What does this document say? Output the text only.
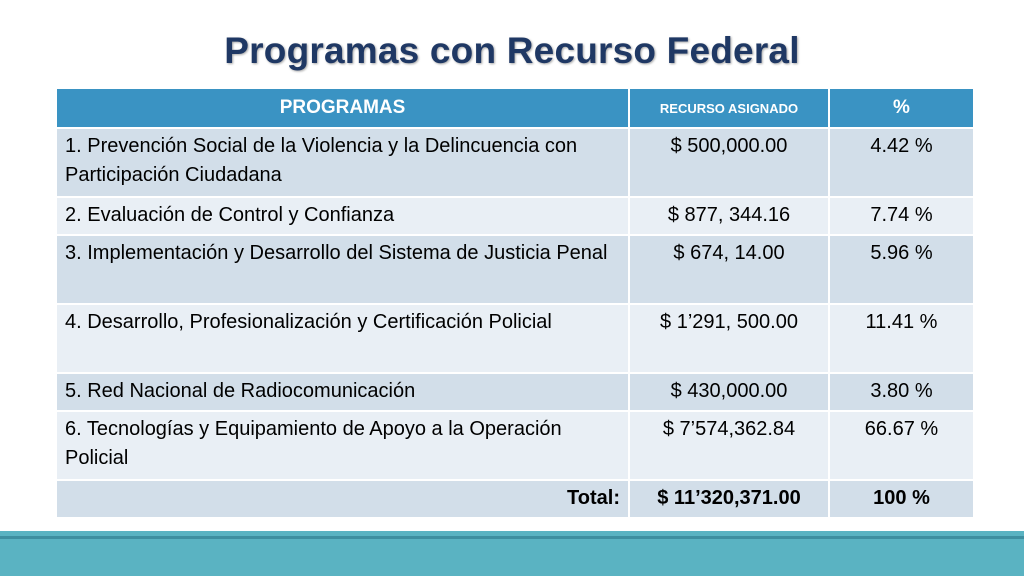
Programas con Recurso Federal
PROGRAMAS	RECURSO ASIGNADO	%
1. Prevención Social de la Violencia y la Delincuencia con Participación Ciudadana	$ 500,000.00	4.42 %
2. Evaluación de Control y Confianza	$ 877, 344.16	7.74 %
3. Implementación y Desarrollo del Sistema de Justicia Penal	$ 674, 14.00	5.96 %
4. Desarrollo, Profesionalización y Certificación Policial	$ 1’291, 500.00	11.41 %
5. Red Nacional de Radiocomunicación	$ 430,000.00	3.80 %
6. Tecnologías y Equipamiento de Apoyo a la Operación Policial	$ 7’574,362.84	66.67 %
Total:	$ 11’320,371.00	100 %
